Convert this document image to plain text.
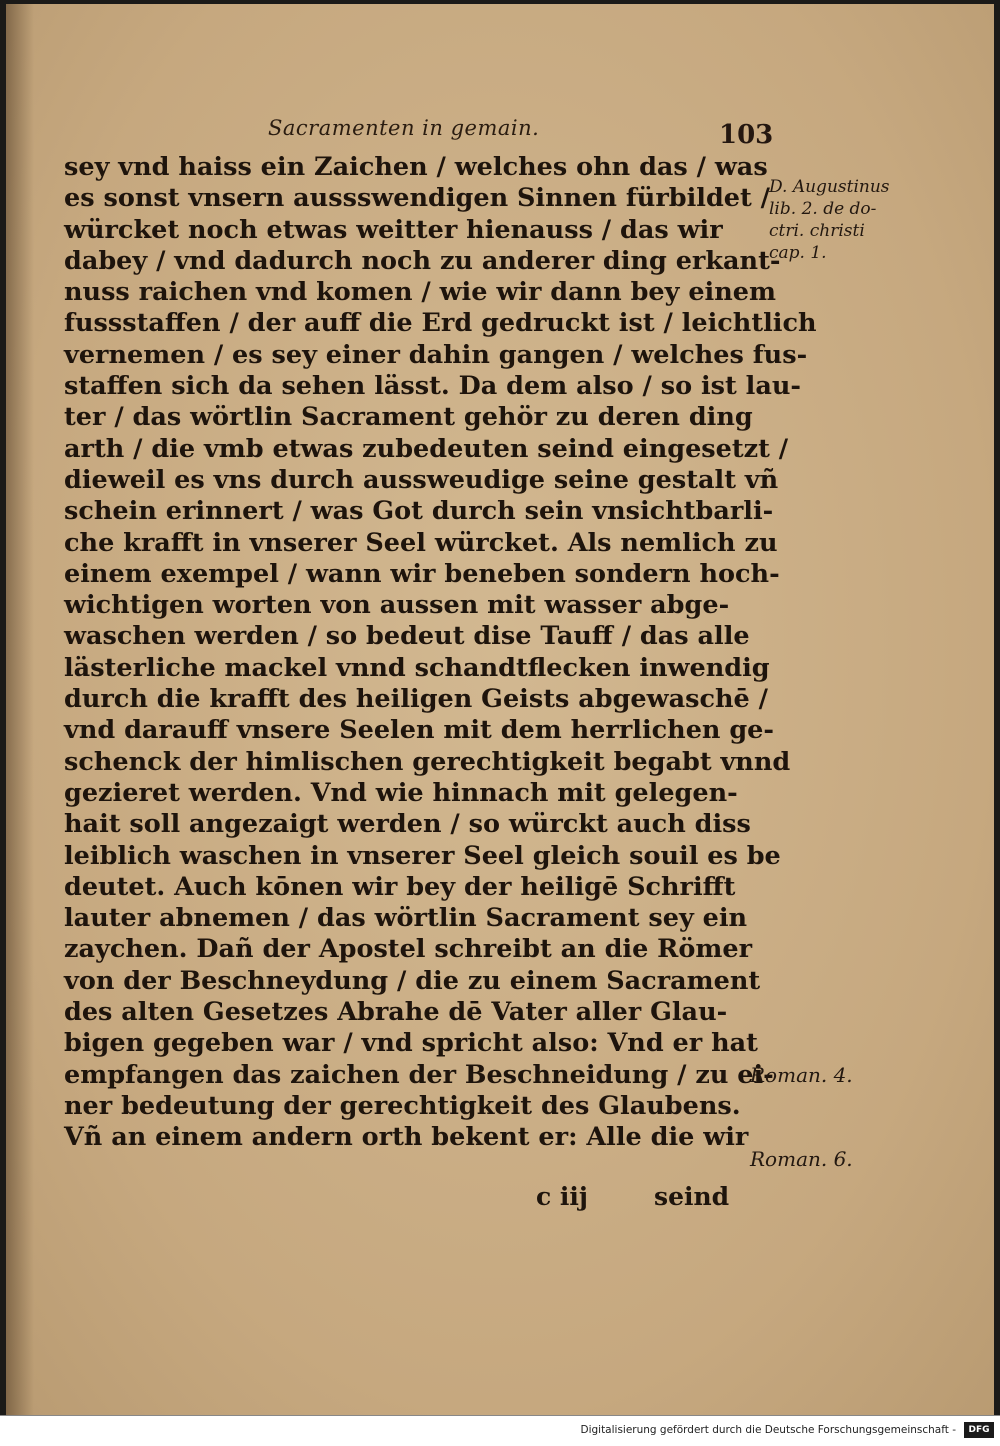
Sacramenten in gemain.	103
sey vnd haiss ein Zaichen / welches ohn das / was
es sonst vnsern aussswendigen Sinnen fürbildet /
würcket noch etwas weitter hienauss / das wir
dabey / vnd dadurch noch zu anderer ding erkant-
nuss raichen vnd komen / wie wir dann bey einem
fussstaffen / der auff die Erd gedruckt ist / leichtlich
vernemen / es sey einer dahin gangen / welches fus-
staffen sich da sehen lässt. Da dem also / so ist lau-
ter / das wörtlin Sacrament gehör zu deren ding
arth / die vmb etwas zubedeuten seind eingesetzt /
dieweil es vns durch aussweudige seine gestalt vñ
schein erinnert / was Got durch sein vnsichtbarli-
che krafft in vnserer Seel würcket. Als nemlich zu
einem exempel / wann wir beneben sondern hoch-
wichtigen worten von aussen mit wasser abge-
waschen werden / so bedeut dise Tauff / das alle
lästerliche mackel vnnd schandtflecken inwendig
durch die krafft des heiligen Geists abgewaschē /
vnd darauff vnsere Seelen mit dem herrlichen ge-
schenck der himlischen gerechtigkeit begabt vnnd
gezieret werden. Vnd wie hinnach mit gelegen-
hait soll angezaigt werden / so würckt auch diss
leiblich waschen in vnserer Seel gleich souil es be
deutet. Auch kōnen wir bey der heiligē Schrifft
lauter abnemen / das wörtlin Sacrament sey ein
zaychen. Dañ der Apostel schreibt an die Römer
von der Beschneydung / die zu einem Sacrament
des alten Gesetzes Abrahe dē Vater aller Glau-
bigen gegeben war / vnd spricht also: Vnd er hat
empfangen das zaichen der Beschneidung / zu ei-
ner bedeutung der gerechtigkeit des Glaubens.
Vñ an einem andern orth bekent er: Alle die wir
D. Augustinus
lib. 2. de do-
ctri. christi
cap. 1.
Roman. 4.
Roman. 6.
c iij	seind
Digitalisierung gefördert durch die Deutsche Forschungsgemeinschaft -	DFG
